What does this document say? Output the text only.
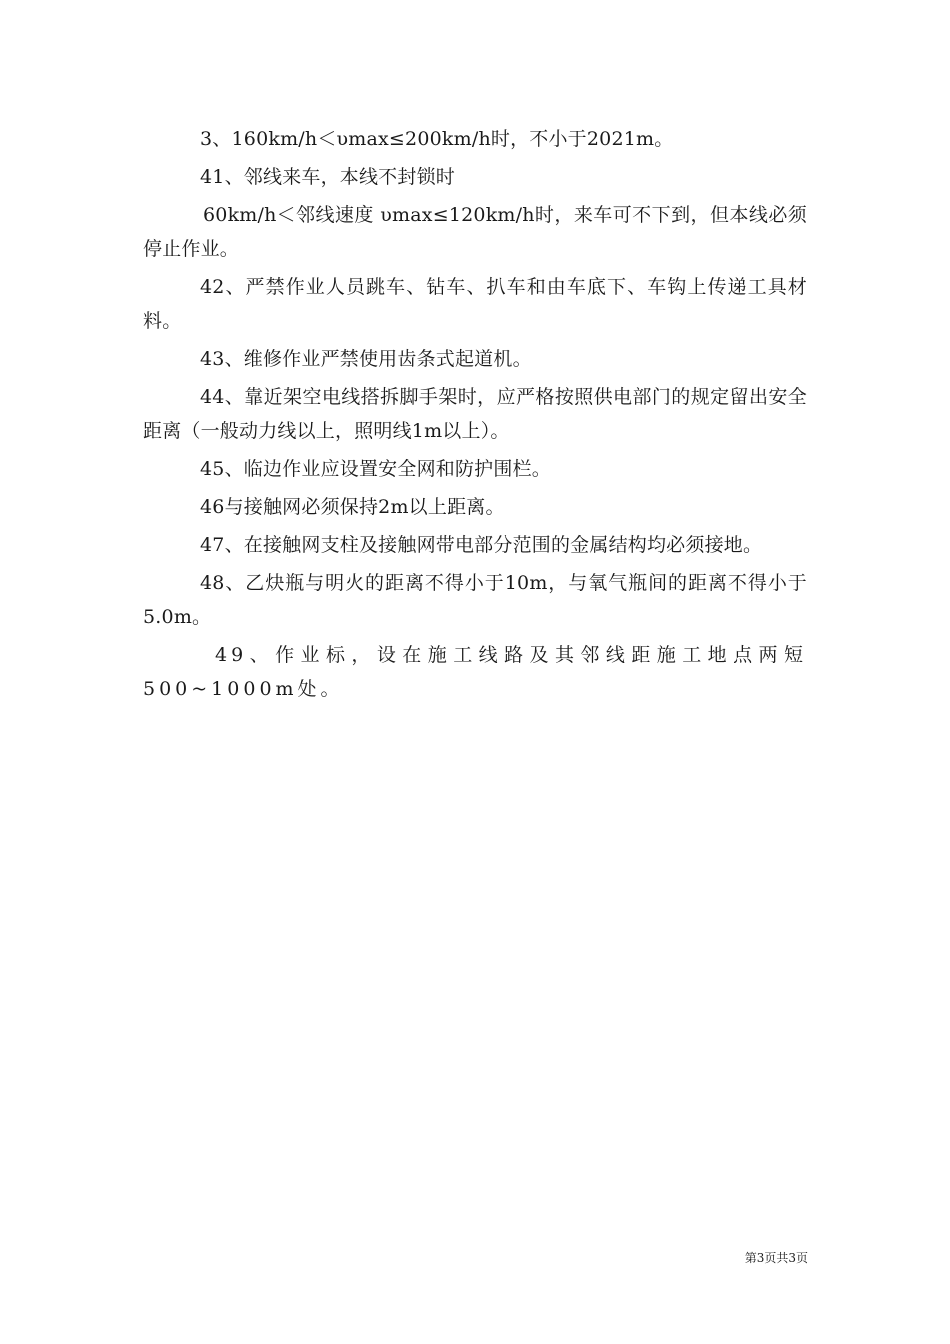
3、160km/h＜υmax≤200km/h时，不小于2021m。

41、邻线来车，本线不封锁时

60km/h＜邻线速度 υmax≤120km/h时，来车可不下到，但本线必须停止作业。

42、严禁作业人员跳车、钻车、扒车和由车底下、车钩上传递工具材料。

43、维修作业严禁使用齿条式起道机。

44、靠近架空电线搭拆脚手架时，应严格按照供电部门的规定留出安全距离（一般动力线以上，照明线1m以上）。

45、临边作业应设置安全网和防护围栏。

46与接触网必须保持2m以上距离。

47、在接触网支柱及接触网带电部分范围的金属结构均必须接地。

48、乙炔瓶与明火的距离不得小于10m，与氧气瓶间的距离不得小于5.0m。

49、作业标，设在施工线路及其邻线距施工地点两短500~1000m处。

第3页共3页
